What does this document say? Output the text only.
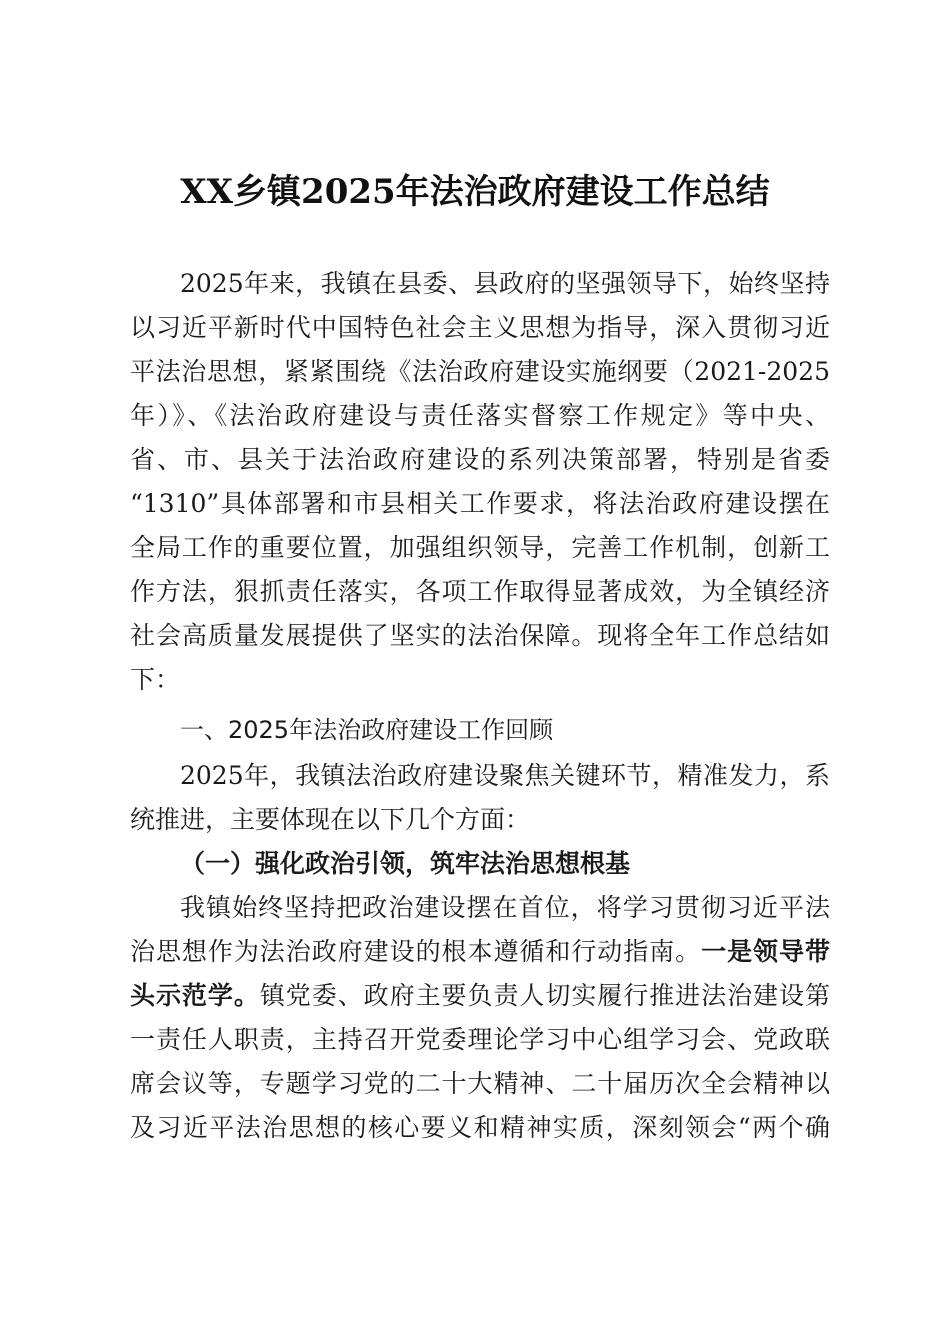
XX乡镇2025年法治政府建设工作总结

2025年来，我镇在县委、县政府的坚强领导下，始终坚持

以习近平新时代中国特色社会主义思想为指导，深入贯彻习近

平法治思想，紧紧围绕《法治政府建设实施纲要（2021-2025

年）》、《法治政府建设与责任落实督察工作规定》等中央、

省、市、县关于法治政府建设的系列决策部署，特别是省委

“1310”具体部署和市县相关工作要求，将法治政府建设摆在

全局工作的重要位置，加强组织领导，完善工作机制，创新工

作方法，狠抓责任落实，各项工作取得显著成效，为全镇经济

社会高质量发展提供了坚实的法治保障。现将全年工作总结如

下：

一、2025年法治政府建设工作回顾

2025年，我镇法治政府建设聚焦关键环节，精准发力，系

统推进，主要体现在以下几个方面：

（一）强化政治引领，筑牢法治思想根基

我镇始终坚持把政治建设摆在首位，将学习贯彻习近平法

治思想作为法治政府建设的根本遵循和行动指南。一是领导带

头示范学。镇党委、政府主要负责人切实履行推进法治建设第

一责任人职责，主持召开党委理论学习中心组学习会、党政联

席会议等，专题学习党的二十大精神、二十届历次全会精神以

及习近平法治思想的核心要义和精神实质，深刻领会“两个确
